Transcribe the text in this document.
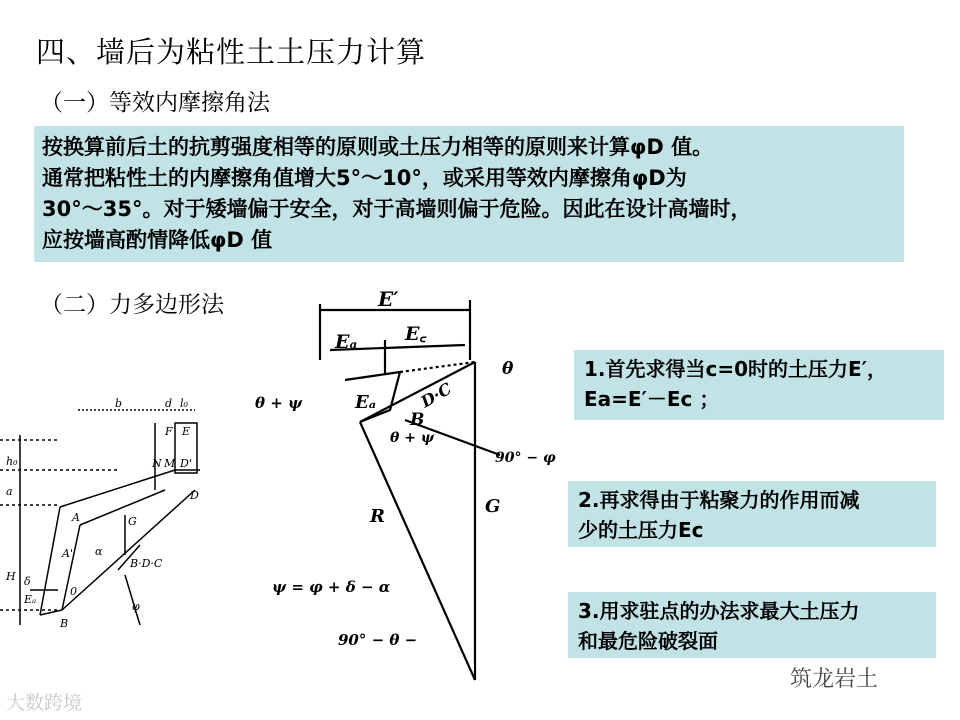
四、墙后为粘性土土压力计算
（一）等效内摩擦角法
按换算前后土的抗剪强度相等的原则或土压力相等的原则来计算φD 值。
通常把粘性土的内摩擦角值增大5°～10°，或采用等效内摩擦角φD为
30°～35°。对于矮墙偏于安全，对于高墙则偏于危险。因此在设计高墙时，
应按墙高酌情降低φD 值
（二）力多边形法
b	d l₀
F E
N M D'
D
A
A'
G
α
B·D·C
H
h₀
a
δ
Eₐ
B
0
φ
E′
Eₐ	E꜀
θ
θ + ψ	Eₐ
B
D·C
θ + ψ
90° − φ
G
R
ψ = φ + δ − α
90° − θ −
1.首先求得当c=0时的土压力E′，
Ea=E′－Ec ；
2.再求得由于粘聚力的作用而减
少的土压力Ec
3.用求驻点的办法求最大土压力
和最危险破裂面
大数跨境
筑龙岩土
